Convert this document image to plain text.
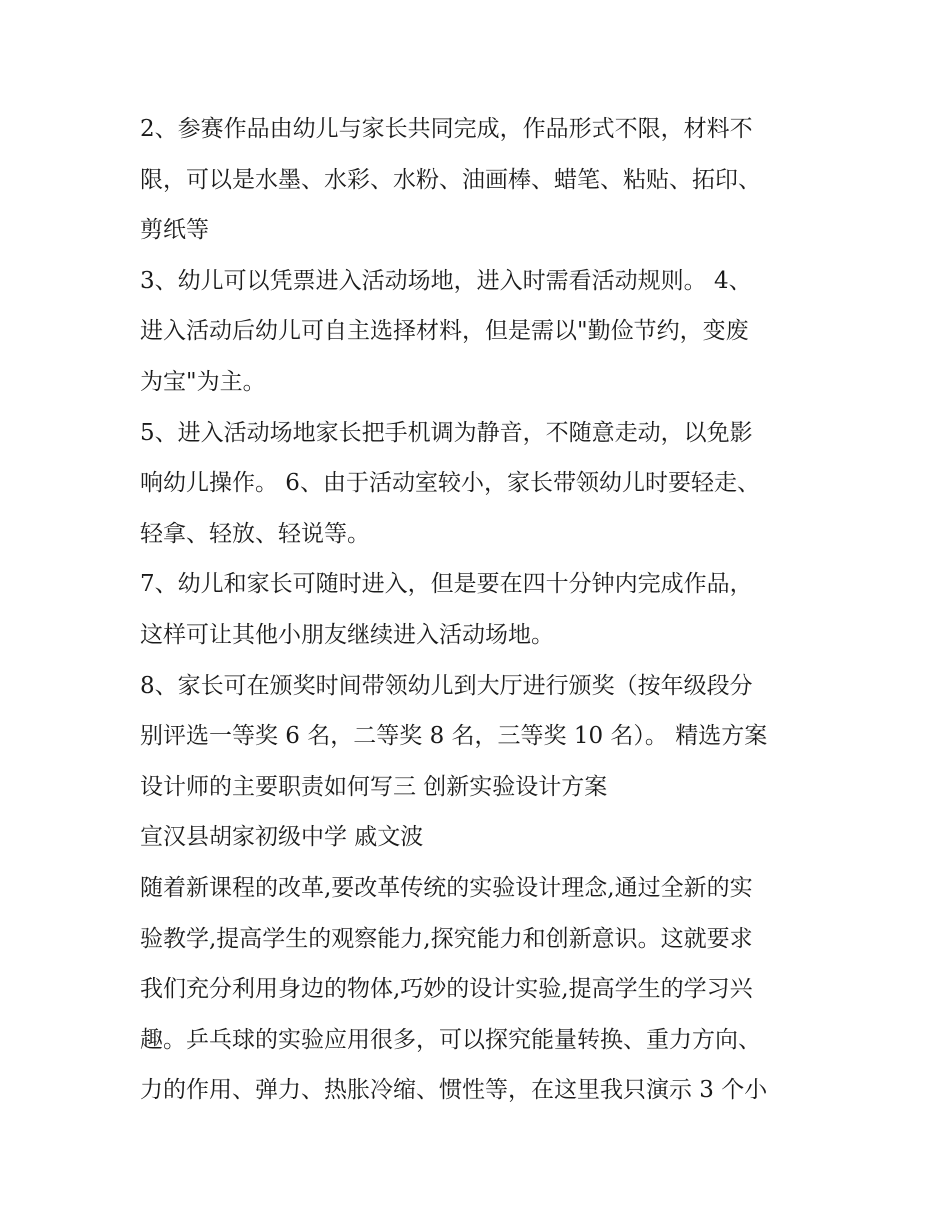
2、参赛作品由幼儿与家长共同完成，作品形式不限，材料不
限，可以是水墨、水彩、水粉、油画棒、蜡笔、粘贴、拓印、
剪纸等

3、幼儿可以凭票进入活动场地，进入时需看活动规则。 4、
进入活动后幼儿可自主选择材料，但是需以"勤俭节约，变废
为宝"为主。

5、进入活动场地家长把手机调为静音，不随意走动，以免影
响幼儿操作。 6、由于活动室较小，家长带领幼儿时要轻走、
轻拿、轻放、轻说等。

7、幼儿和家长可随时进入，但是要在四十分钟内完成作品，
这样可让其他小朋友继续进入活动场地。

8、家长可在颁奖时间带领幼儿到大厅进行颁奖（按年级段分
别评选一等奖 6 名，二等奖 8 名，三等奖 10 名）。 精选方案
设计师的主要职责如何写三 创新实验设计方案

宣汉县胡家初级中学 戚文波

随着新课程的改革,要改革传统的实验设计理念,通过全新的实
验教学,提高学生的观察能力,探究能力和创新意识。这就要求
我们充分利用身边的物体,巧妙的设计实验,提高学生的学习兴
趣。乒乓球的实验应用很多，可以探究能量转换、重力方向、
力的作用、弹力、热胀冷缩、惯性等，在这里我只演示 3 个小
